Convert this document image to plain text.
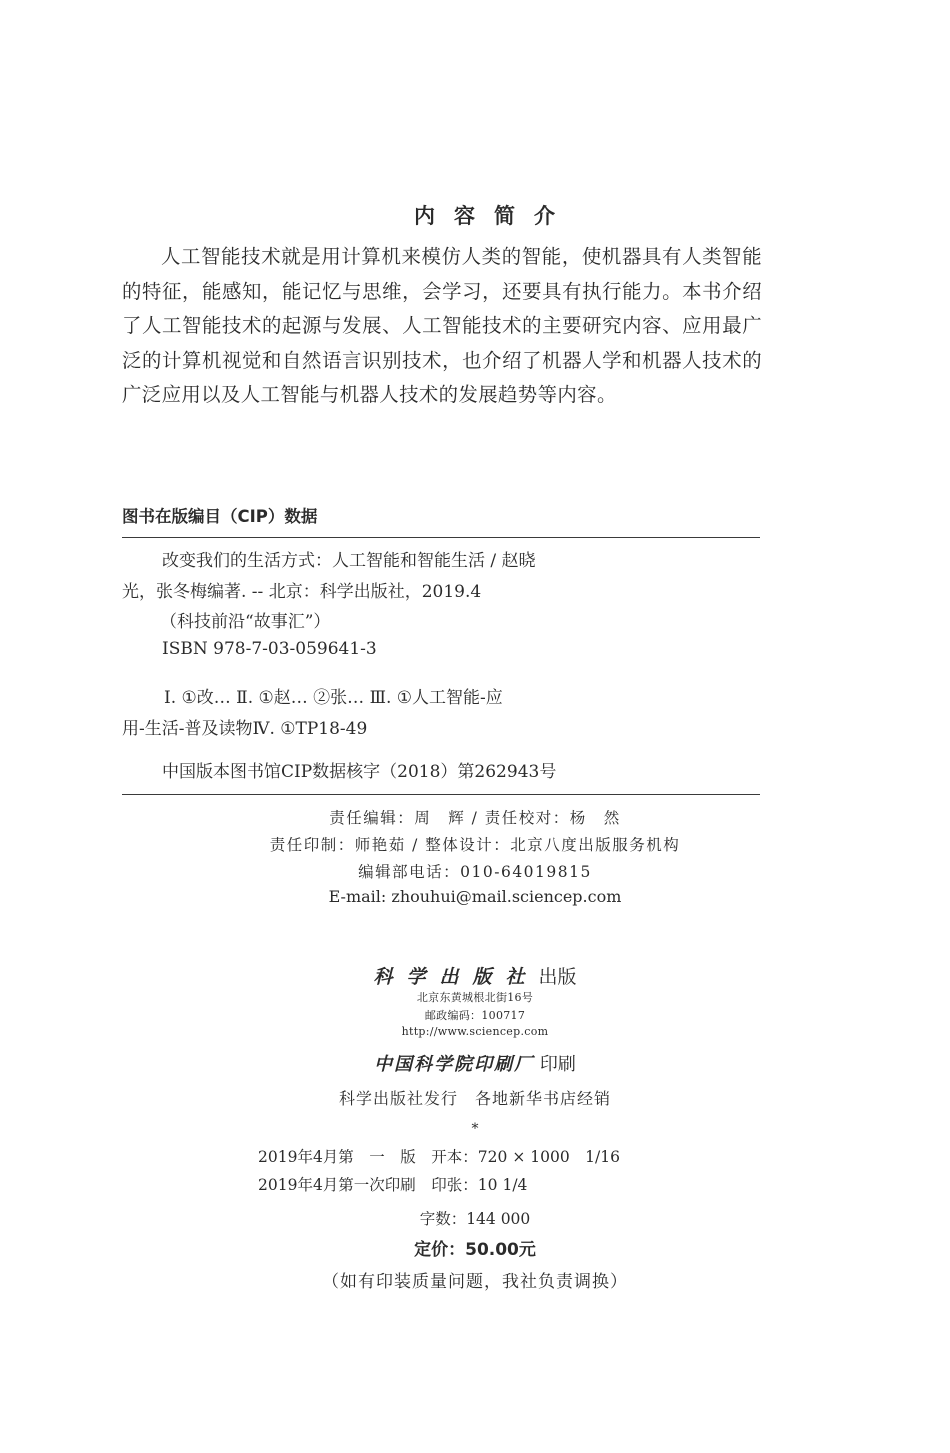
内容简介
人工智能技术就是用计算机来模仿人类的智能，使机器具有人类智能的特征，能感知，能记忆与思维，会学习，还要具有执行能力。本书介绍了人工智能技术的起源与发展、人工智能技术的主要研究内容、应用最广泛的计算机视觉和自然语言识别技术，也介绍了机器人学和机器人技术的广泛应用以及人工智能与机器人技术的发展趋势等内容。
图书在版编目（CIP）数据
改变我们的生活方式：人工智能和智能生活 / 赵晓
光，张冬梅编著. -- 北京：科学出版社，2019.4
（科技前沿“故事汇”）
ISBN 978-7-03-059641-3
Ⅰ. ①改… Ⅱ. ①赵… ②张… Ⅲ. ①人工智能-应
用-生活-普及读物Ⅳ. ①TP18-49
中国版本图书馆CIP数据核字（2018）第262943号
责任编辑：周　辉 / 责任校对：杨　然
责任印制：师艳茹 / 整体设计：北京八度出版服务机构
编辑部电话：010-64019815
E-mail: zhouhui@mail.sciencep.com
科学出版社出版
北京东黄城根北街16号
邮政编码：100717
http://www.sciencep.com
中国科学院印刷厂 印刷
科学出版社发行　各地新华书店经销
*
2019年4月第　一　版　开本：720 × 1000　1/16
2019年4月第一次印刷　印张：10 1/4
字数：144 000
定价：50.00元
（如有印装质量问题，我社负责调换）
